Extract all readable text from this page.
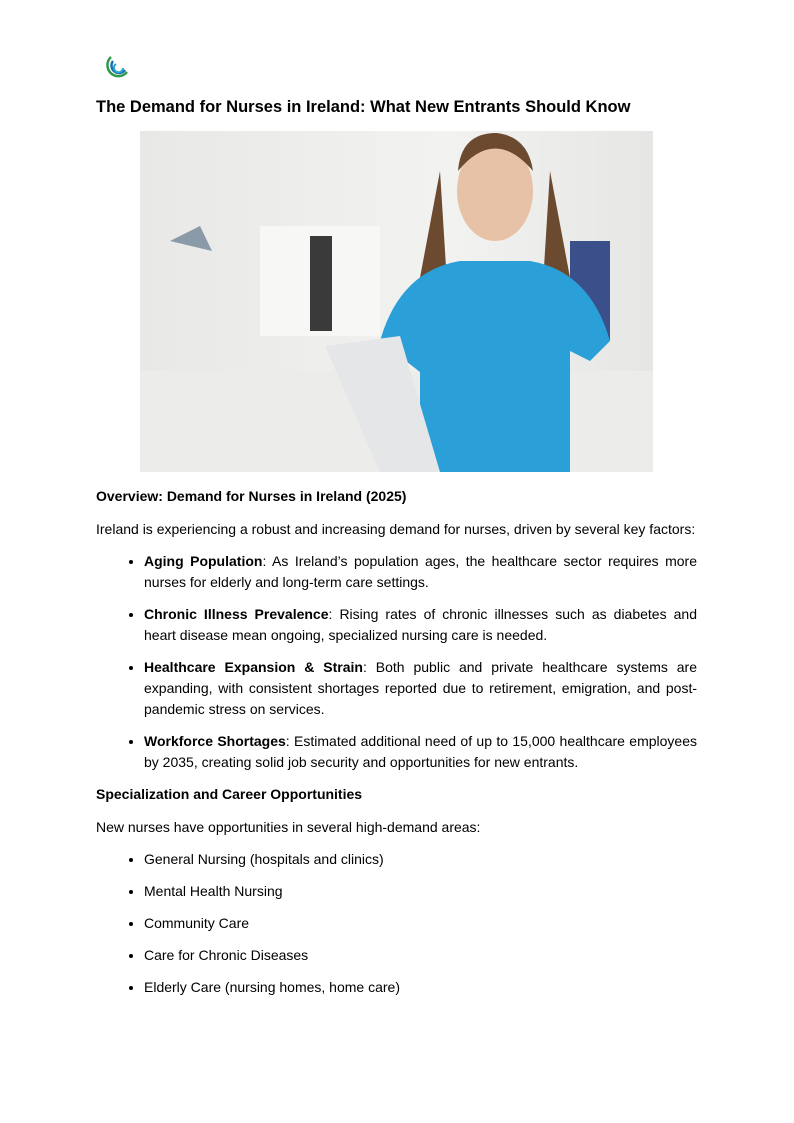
The Demand for Nurses in Ireland: What New Entrants Should Know
Overview: Demand for Nurses in Ireland (2025)

Ireland is experiencing a robust and increasing demand for nurses, driven by several key factors:

• Aging Population: As Ireland’s population ages, the healthcare sector requires more nurses for elderly and long-term care settings.
• Chronic Illness Prevalence: Rising rates of chronic illnesses such as diabetes and heart disease mean ongoing, specialized nursing care is needed.
• Healthcare Expansion & Strain: Both public and private healthcare systems are expanding, with consistent shortages reported due to retirement, emigration, and post-pandemic stress on services.
• Workforce Shortages: Estimated additional need of up to 15,000 healthcare employees by 2035, creating solid job security and opportunities for new entrants.
Specialization and Career Opportunities

New nurses have opportunities in several high-demand areas:

• General Nursing (hospitals and clinics)
• Mental Health Nursing
• Community Care
• Care for Chronic Diseases
• Elderly Care (nursing homes, home care)
